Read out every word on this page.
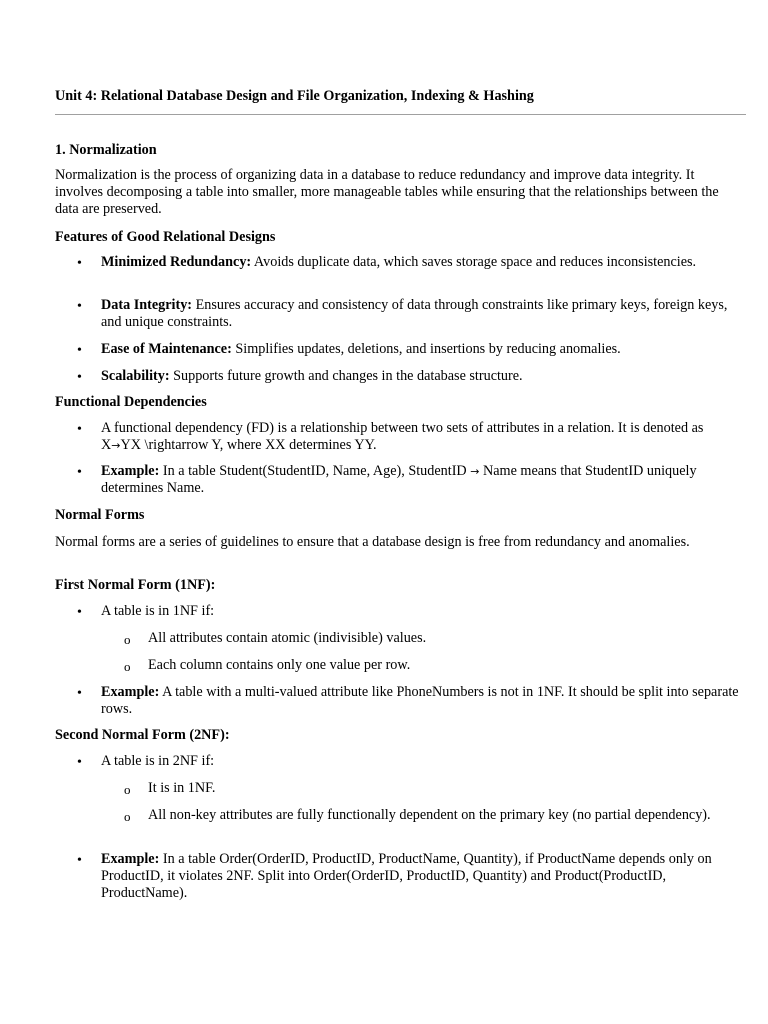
Unit 4: Relational Database Design and File Organization, Indexing & Hashing

1. Normalization

Normalization is the process of organizing data in a database to reduce redundancy and improve data integrity. It involves decomposing a table into smaller, more manageable tables while ensuring that the relationships between the data are preserved.

Features of Good Relational Designs

• Minimized Redundancy: Avoids duplicate data, which saves storage space and reduces inconsistencies.

• Data Integrity: Ensures accuracy and consistency of data through constraints like primary keys, foreign keys, and unique constraints.

• Ease of Maintenance: Simplifies updates, deletions, and insertions by reducing anomalies.

• Scalability: Supports future growth and changes in the database structure.

Functional Dependencies

• A functional dependency (FD) is a relationship between two sets of attributes in a relation. It is denoted as X→YX \rightarrow Y, where XX determines YY.

• Example: In a table Student(StudentID, Name, Age), StudentID → Name means that StudentID uniquely determines Name.

Normal Forms

Normal forms are a series of guidelines to ensure that a database design is free from redundancy and anomalies.

First Normal Form (1NF):

• A table is in 1NF if:

o All attributes contain atomic (indivisible) values.

o Each column contains only one value per row.

• Example: A table with a multi-valued attribute like PhoneNumbers is not in 1NF. It should be split into separate rows.

Second Normal Form (2NF):

• A table is in 2NF if:

o It is in 1NF.

o All non-key attributes are fully functionally dependent on the primary key (no partial dependency).

• Example: In a table Order(OrderID, ProductID, ProductName, Quantity), if ProductName depends only on ProductID, it violates 2NF. Split into Order(OrderID, ProductID, Quantity) and Product(ProductID, ProductName).
